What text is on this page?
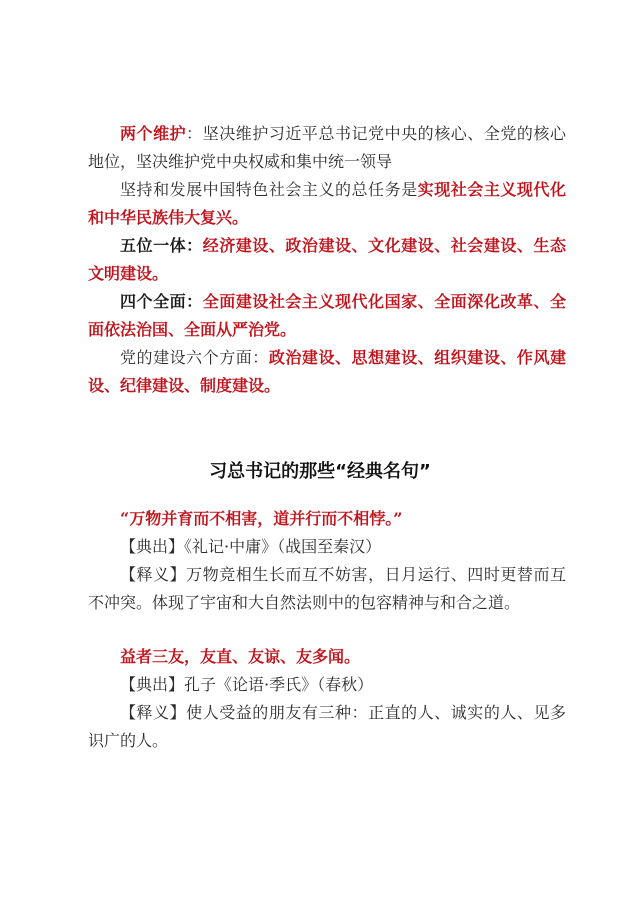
两个维护：坚决维护习近平总书记党中央的核心、全党的核心地位，坚决维护党中央权威和集中统一领导

坚持和发展中国特色社会主义的总任务是实现社会主义现代化和中华民族伟大复兴。

五位一体：经济建设、政治建设、文化建设、社会建设、生态文明建设。

四个全面：全面建设社会主义现代化国家、全面深化改革、全面依法治国、全面从严治党。

党的建设六个方面：政治建设、思想建设、组织建设、作风建设、纪律建设、制度建设。

习总书记的那些“经典名句”

“万物并育而不相害，道并行而不相悖。”

【典出】《礼记·中庸》（战国至秦汉）

【释义】万物竞相生长而互不妨害，日月运行、四时更替而互不冲突。体现了宇宙和大自然法则中的包容精神与和合之道。

益者三友，友直、友谅、友多闻。

【典出】孔子《论语·季氏》（春秋）

【释义】使人受益的朋友有三种：正直的人、诚实的人、见多识广的人。
